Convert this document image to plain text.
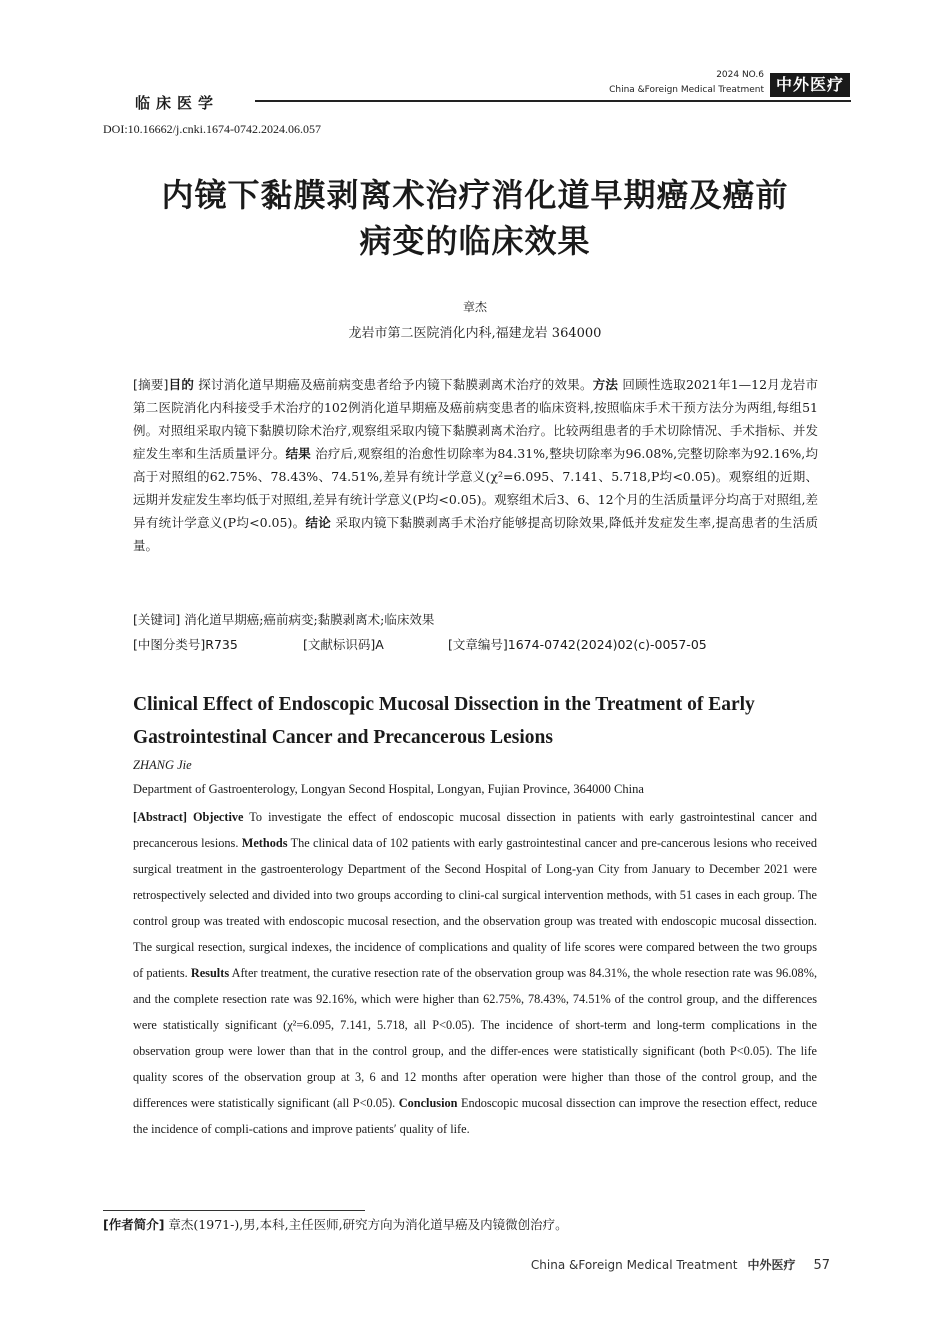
临床医学
2024 NO.6
China &Foreign Medical Treatment 中外医疗
DOI:10.16662/j.cnki.1674-0742.2024.06.057
内镜下黏膜剥离术治疗消化道早期癌及癌前
病变的临床效果
章杰
龙岩市第二医院消化内科,福建龙岩 364000
[摘要]目的 探讨消化道早期癌及癌前病变患者给予内镜下黏膜剥离术治疗的效果。方法 回顾性选取2021年1—12月龙岩市第二医院消化内科接受手术治疗的102例消化道早期癌及癌前病变患者的临床资料,按照临床手术干预方法分为两组,每组51例。对照组采取内镜下黏膜切除术治疗,观察组采取内镜下黏膜剥离术治疗。比较两组患者的手术切除情况、手术指标、并发症发生率和生活质量评分。结果 治疗后,观察组的治愈性切除率为84.31%,整块切除率为96.08%,完整切除率为92.16%,均高于对照组的62.75%、78.43%、74.51%,差异有统计学意义(χ²=6.095、7.141、5.718,P均<0.05)。观察组的近期、远期并发症发生率均低于对照组,差异有统计学意义(P均<0.05)。观察组术后3、6、12个月的生活质量评分均高于对照组,差异有统计学意义(P均<0.05)。结论 采取内镜下黏膜剥离手术治疗能够提高切除效果,降低并发症发生率,提高患者的生活质量。
[关键词] 消化道早期癌;癌前病变;黏膜剥离术;临床效果
[中图分类号]R735	[文献标识码]A	[文章编号]1674-0742(2024)02(c)-0057-05
Clinical Effect of Endoscopic Mucosal Dissection in the Treatment of Early
Gastrointestinal Cancer and Precancerous Lesions
ZHANG Jie
Department of Gastroenterology, Longyan Second Hospital, Longyan, Fujian Province, 364000 China
[Abstract] Objective To investigate the effect of endoscopic mucosal dissection in patients with early gastrointestinal cancer and precancerous lesions. Methods The clinical data of 102 patients with early gastrointestinal cancer and pre-cancerous lesions who received surgical treatment in the gastroenterology Department of the Second Hospital of Long-yan City from January to December 2021 were retrospectively selected and divided into two groups according to clini-cal surgical intervention methods, with 51 cases in each group. The control group was treated with endoscopic mucosal resection, and the observation group was treated with endoscopic mucosal dissection. The surgical resection, surgical indexes, the incidence of complications and quality of life scores were compared between the two groups of patients. Results After treatment, the curative resection rate of the observation group was 84.31%, the whole resection rate was 96.08%, and the complete resection rate was 92.16%, which were higher than 62.75%, 78.43%, 74.51% of the control group, and the differences were statistically significant (χ²=6.095, 7.141, 5.718, all P<0.05). The incidence of short-term and long-term complications in the observation group were lower than that in the control group, and the differ-ences were statistically significant (both P<0.05). The life quality scores of the observation group at 3, 6 and 12 months after operation were higher than those of the control group, and the differences were statistically significant (all P<0.05). Conclusion Endoscopic mucosal dissection can improve the resection effect, reduce the incidence of compli-cations and improve patients′ quality of life.
[作者简介] 章杰(1971-),男,本科,主任医师,研究方向为消化道早癌及内镜微创治疗。
China &Foreign Medical Treatment 中外医疗 57
